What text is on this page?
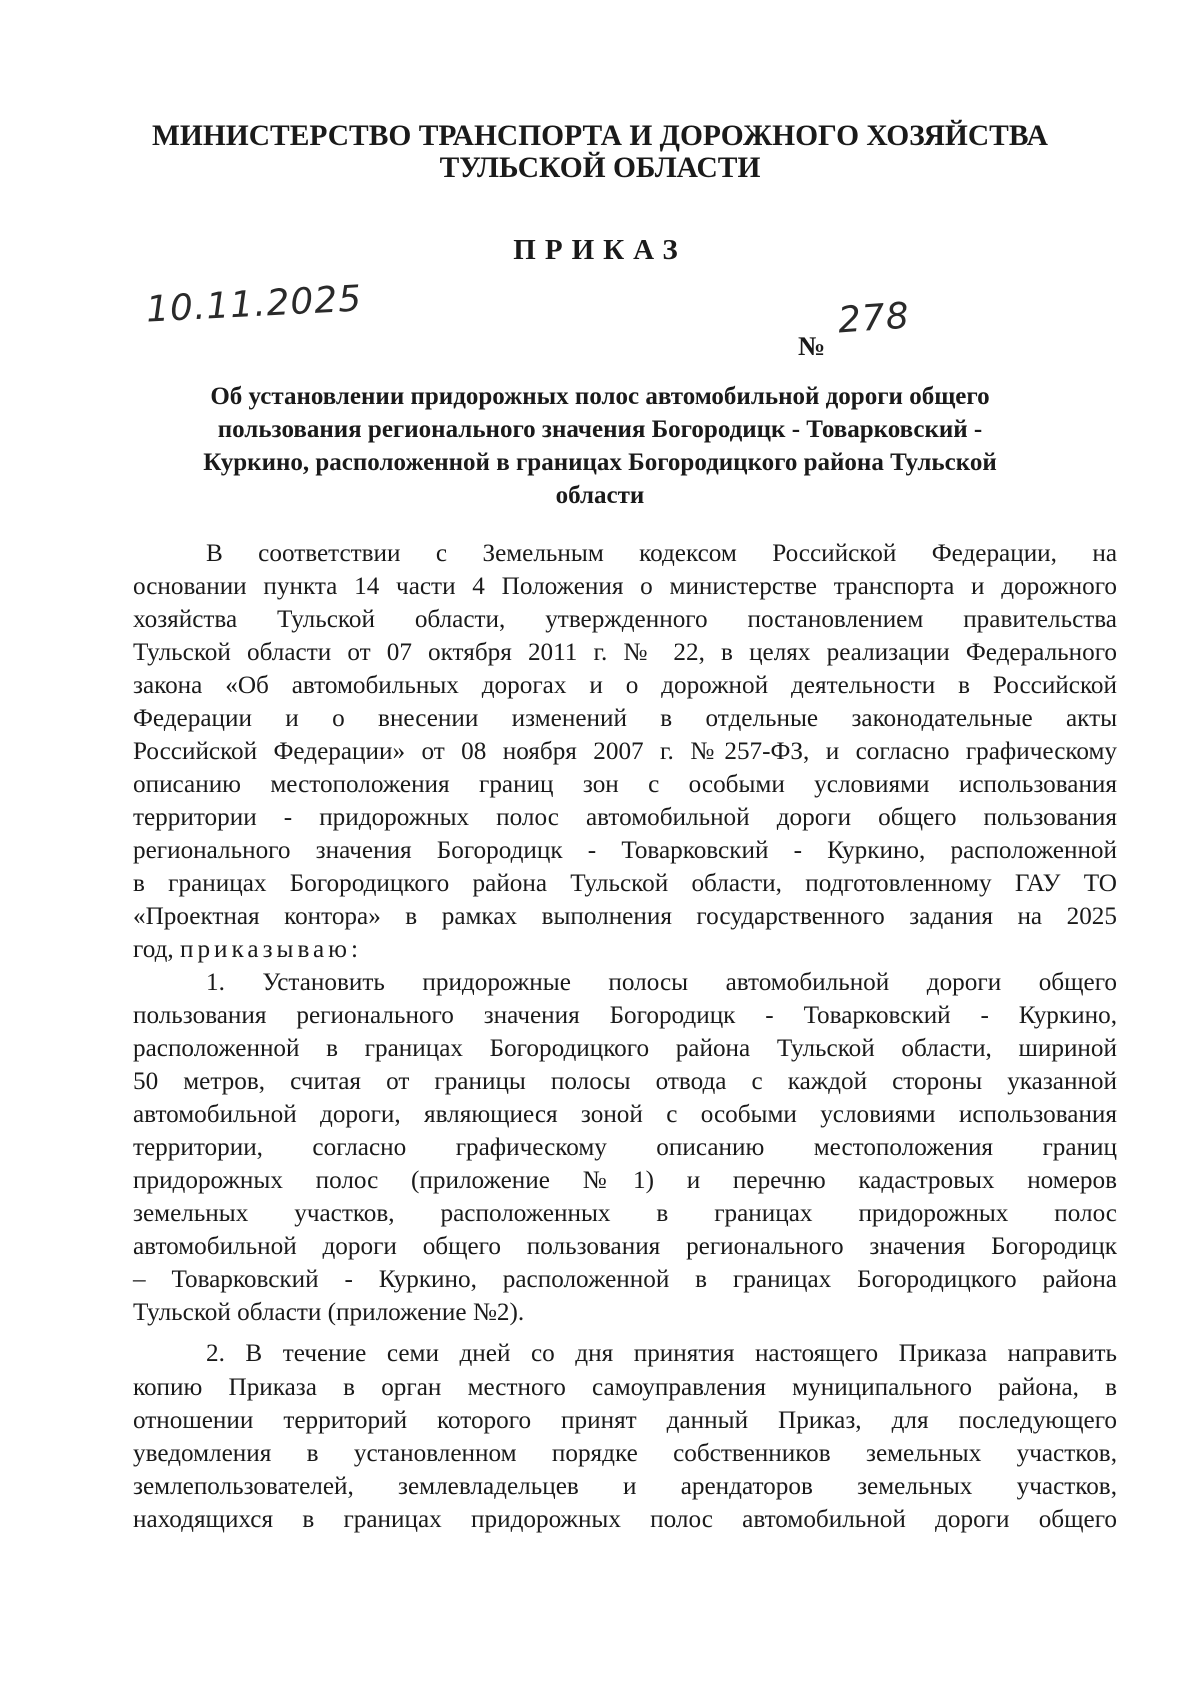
МИНИСТЕРСТВО ТРАНСПОРТА И ДОРОЖНОГО ХОЗЯЙСТВА
ТУЛЬСКОЙ ОБЛАСТИ
ПРИКАЗ
10.11.2025
№
278
Об установлении придорожных полос автомобильной дороги общего
пользования регионального значения Богородицк - Товарковский -
Куркино, расположенной в границах Богородицкого района Тульской
области
В соответствии с Земельным кодексом Российской Федерации, на
основании пункта 14 части 4 Положения о министерстве транспорта и дорожного
хозяйства Тульской области, утвержденного постановлением правительства
Тульской области от 07 октября 2011 г. № 22, в целях реализации Федерального
закона «Об автомобильных дорогах и о дорожной деятельности в Российской
Федерации и о внесении изменений в отдельные законодательные акты
Российской Федерации» от 08 ноября 2007 г. №257-ФЗ, и согласно графическому
описанию местоположения границ зон с особыми условиями использования
территории - придорожных полос автомобильной дороги общего пользования
регионального значения Богородицк - Товарковский - Куркино, расположенной
в границах Богородицкого района Тульской области, подготовленному ГАУ ТО
«Проектная контора» в рамках выполнения государственного задания на 2025
год, приказываю:
1. Установить придорожные полосы автомобильной дороги общего
пользования регионального значения Богородицк - Товарковский - Куркино,
расположенной в границах Богородицкого района Тульской области, шириной
50 метров, считая от границы полосы отвода с каждой стороны указанной
автомобильной дороги, являющиеся зоной с особыми условиями использования
территории, согласно графическому описанию местоположения границ
придорожных полос (приложение №1) и перечню кадастровых номеров
земельных участков, расположенных в границах придорожных полос
автомобильной дороги общего пользования регионального значения Богородицк
– Товарковский - Куркино, расположенной в границах Богородицкого района
Тульской области (приложение №2).
2. В течение семи дней со дня принятия настоящего Приказа направить
копию Приказа в орган местного самоуправления муниципального района, в
отношении территорий которого принят данный Приказ, для последующего
уведомления в установленном порядке собственников земельных участков,
землепользователей, землевладельцев и арендаторов земельных участков,
находящихся в границах придорожных полос автомобильной дороги общего
